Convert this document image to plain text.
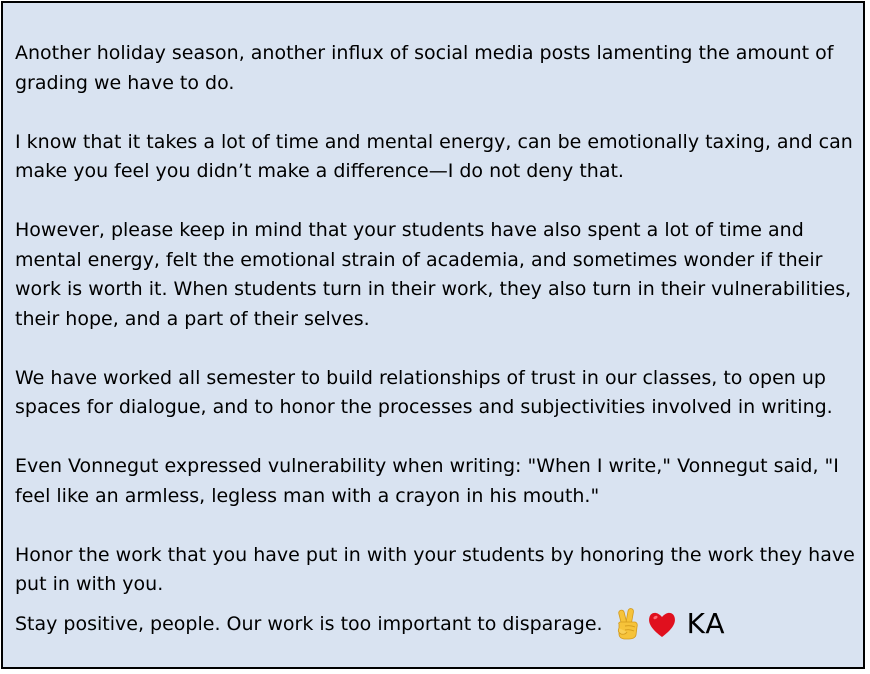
Another holiday season, another influx of social media posts lamenting the amount of grading we have to do.

I know that it takes a lot of time and mental energy, can be emotionally taxing, and can make you feel you didn’t make a difference—I do not deny that.

However, please keep in mind that your students have also spent a lot of time and mental energy, felt the emotional strain of academia, and sometimes wonder if their work is worth it. When students turn in their work, they also turn in their vulnerabilities, their hope, and a part of their selves.

We have worked all semester to build relationships of trust in our classes, to open up spaces for dialogue, and to honor the processes and subjectivities involved in writing.

Even Vonnegut expressed vulnerability when writing: "When I write," Vonnegut said, "I feel like an armless, legless man with a crayon in his mouth."

Honor the work that you have put in with your students by honoring the work they have put in with you.

Stay positive, people. Our work is too important to disparage.	KA
